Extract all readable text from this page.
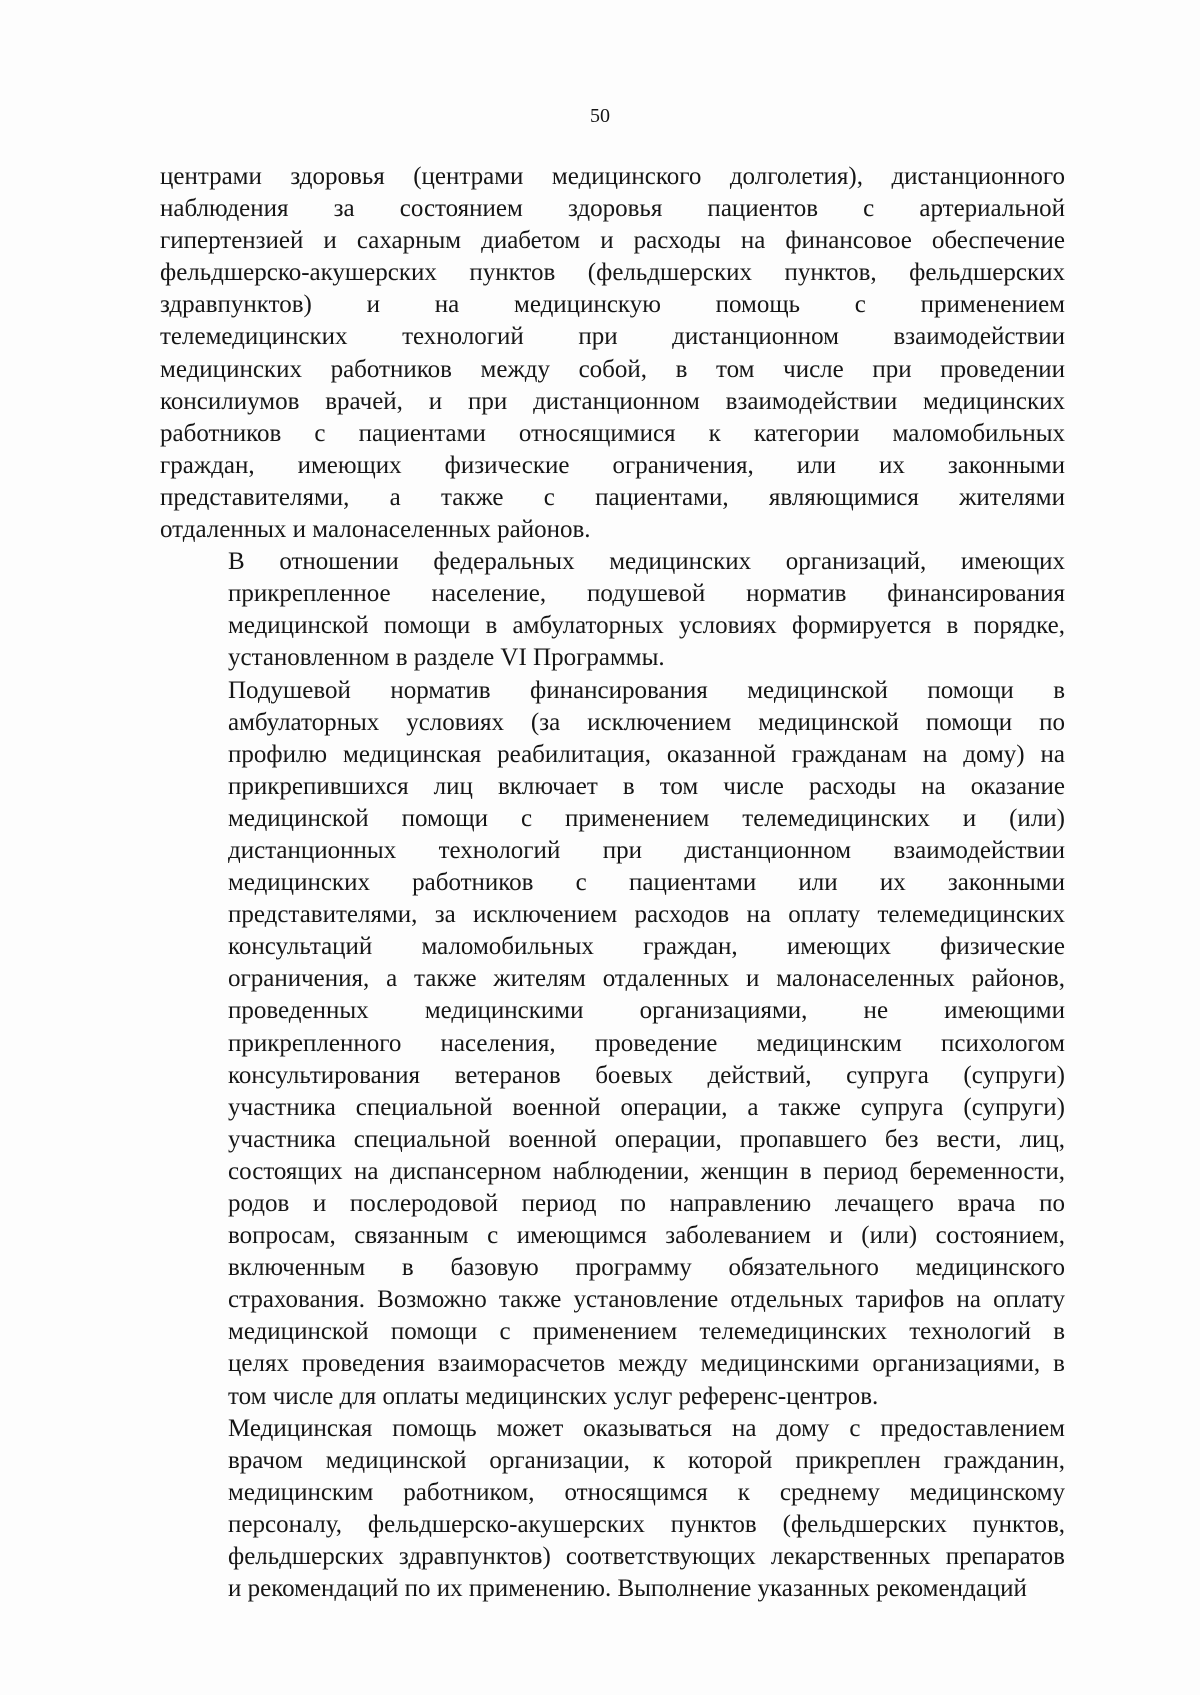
50

центрами здоровья (центрами медицинского долголетия), дистанционного
наблюдения за состоянием здоровья пациентов с артериальной
гипертензией и сахарным диабетом и расходы на финансовое обеспечение
фельдшерско-акушерских пунктов (фельдшерских пунктов, фельдшерских
здравпунктов) и на медицинскую помощь с применением
телемедицинских технологий при дистанционном взаимодействии
медицинских работников между собой, в том числе при проведении
консилиумов врачей, и при дистанционном взаимодействии медицинских
работников с пациентами относящимися к категории маломобильных
граждан, имеющих физические ограничения, или их законными
представителями, а также с пациентами, являющимися жителями
отдаленных и малонаселенных районов.

В отношении федеральных медицинских организаций, имеющих
прикрепленное население, подушевой норматив финансирования
медицинской помощи в амбулаторных условиях формируется в порядке,
установленном в разделе VI Программы.

Подушевой норматив финансирования медицинской помощи в
амбулаторных условиях (за исключением медицинской помощи по
профилю медицинская реабилитация, оказанной гражданам на дому) на
прикрепившихся лиц включает в том числе расходы на оказание
медицинской помощи с применением телемедицинских и (или)
дистанционных технологий при дистанционном взаимодействии
медицинских работников с пациентами или их законными
представителями, за исключением расходов на оплату телемедицинских
консультаций маломобильных граждан, имеющих физические
ограничения, а также жителям отдаленных и малонаселенных районов,
проведенных медицинскими организациями, не имеющими
прикрепленного населения, проведение медицинским психологом
консультирования ветеранов боевых действий, супруга (супруги)
участника специальной военной операции, а также супруга (супруги)
участника специальной военной операции, пропавшего без вести, лиц,
состоящих на диспансерном наблюдении, женщин в период беременности,
родов и послеродовой период по направлению лечащего врача по
вопросам, связанным с имеющимся заболеванием и (или) состоянием,
включенным в базовую программу обязательного медицинского
страхования. Возможно также установление отдельных тарифов на оплату
медицинской помощи с применением телемедицинских технологий в
целях проведения взаиморасчетов между медицинскими организациями, в
том числе для оплаты медицинских услуг референс-центров.

Медицинская помощь может оказываться на дому с предоставлением
врачом медицинской организации, к которой прикреплен гражданин,
медицинским работником, относящимся к среднему медицинскому
персоналу, фельдшерско-акушерских пунктов (фельдшерских пунктов,
фельдшерских здравпунктов) соответствующих лекарственных препаратов
и рекомендаций по их применению. Выполнение указанных рекомендаций
